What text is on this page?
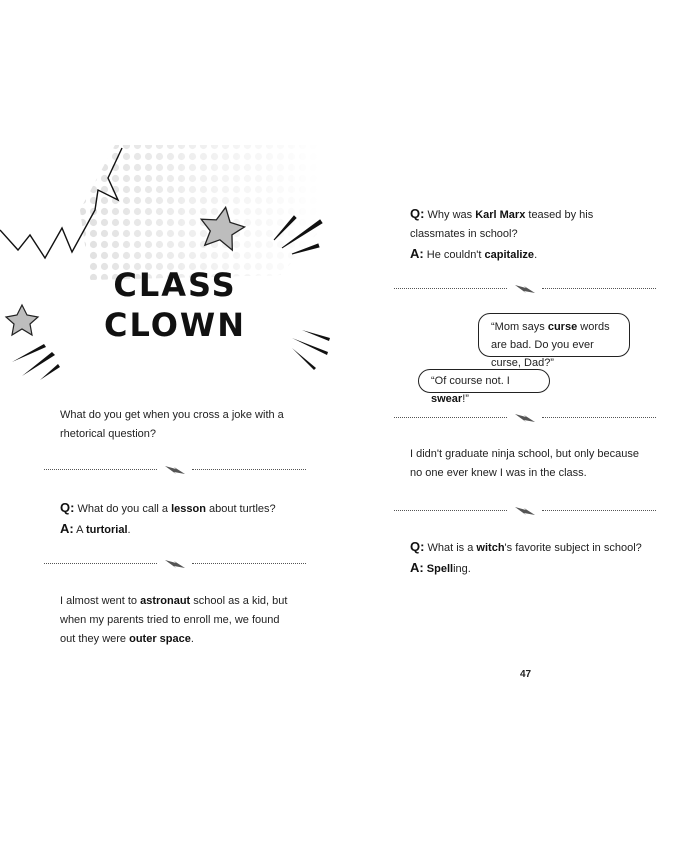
CLASS
CLOWN
What do you get when you cross a joke with a rhetorical question?
Q: What do you call a lesson about turtles?
A: A turtorial.
I almost went to astronaut school as a kid, but when my parents tried to enroll me, we found out they were outer space.
Q: Why was Karl Marx teased by his classmates in school?
A: He couldn't capitalize.
“Mom says curse words are bad. Do you ever curse, Dad?”
“Of course not. I swear!”
I didn't graduate ninja school, but only because no one ever knew I was in the class.
Q: What is a witch's favorite subject in school?
A: Spelling.
47
